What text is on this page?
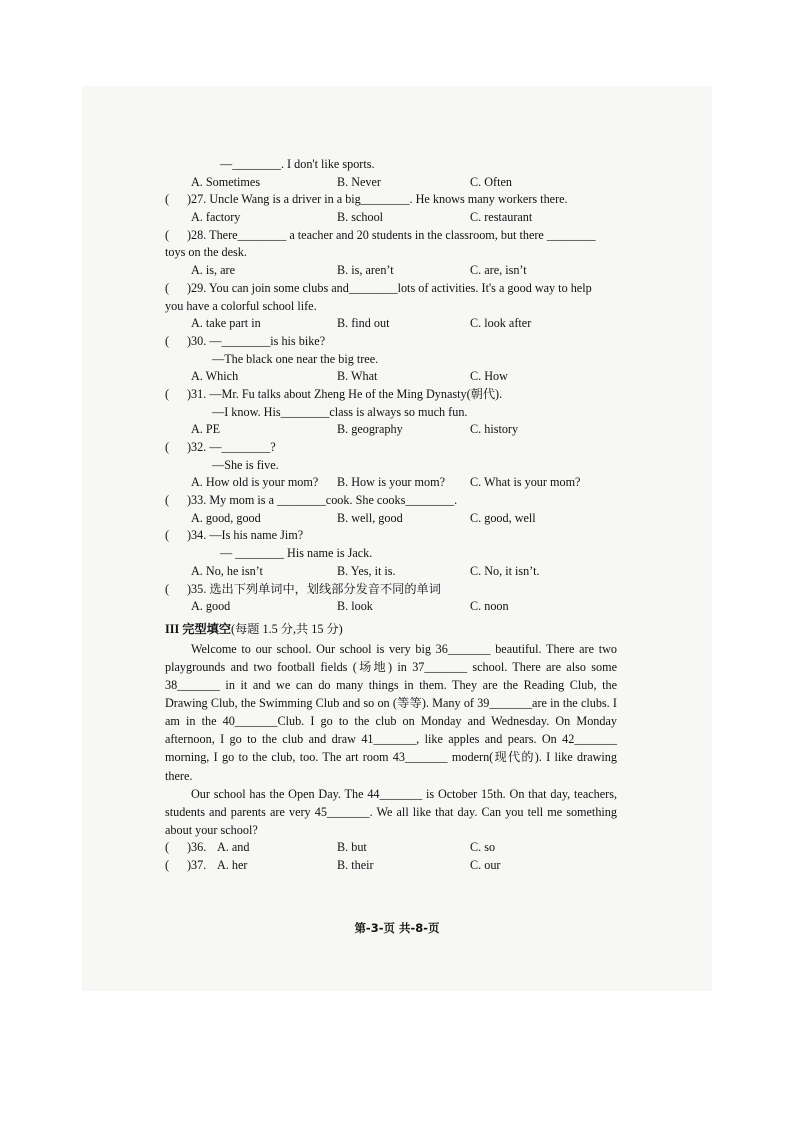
—________. I don't like sports.
A. Sometimes	B. Never	C. Often
(	)27. Uncle Wang is a driver in a big________. He knows many workers there.
A. factory	B. school	C. restaurant
(	)28. There________ a teacher and 20 students in the classroom, but there ________
toys on the desk.
A. is, are	B. is, aren’t	C. are, isn’t
(	)29. You can join some clubs and________lots of activities. It's a good way to help
you have a colorful school life.
A. take part in	B. find out	C. look after
(	)30. —________is his bike?
—The black one near the big tree.
A. Which	B. What	C. How
(	)31. —Mr. Fu talks about Zheng He of the Ming Dynasty(朝代).
—I know. His________class is always so much fun.
A. PE	B. geography	C. history
(	)32. —________?
—She is five.
A. How old is your mom? B. How is your mom? C. What is your mom?
(	)33. My mom is a ________cook. She cooks________.
A. good, good	B. well, good	C. good, well
(	)34. —Is his name Jim?
— ________ His name is Jack.
A. No, he isn’t	B. Yes, it is.	C. No, it isn’t.
(	)35. 选出下列单词中，划线部分发音不同的单词
A. good	B. look	C. noon
III 完型填空(每题 1.5 分,共 15 分)

Welcome to our school. Our school is very big 36_______ beautiful. There are two playgrounds and two football fields (场地) in 37_______ school. There are also some 38_______ in it and we can do many things in them. They are the Reading Club, the Drawing Club, the Swimming Club and so on (等等). Many of 39_______are in the clubs. I am in the 40_______Club. I go to the club on Monday and Wednesday. On Monday afternoon, I go to the club and draw 41_______, like apples and pears. On 42_______ morning, I go to the club, too. The art room 43_______ modern(现代的). I like drawing there.

Our school has the Open Day. The 44_______ is October 15th. On that day, teachers, students and parents are very 45_______. We all like that day. Can you tell me something about your school?

( )36. A. and	B. but	C. so
( )37. A. her	B. their	C. our
第-3-页 共-8-页
